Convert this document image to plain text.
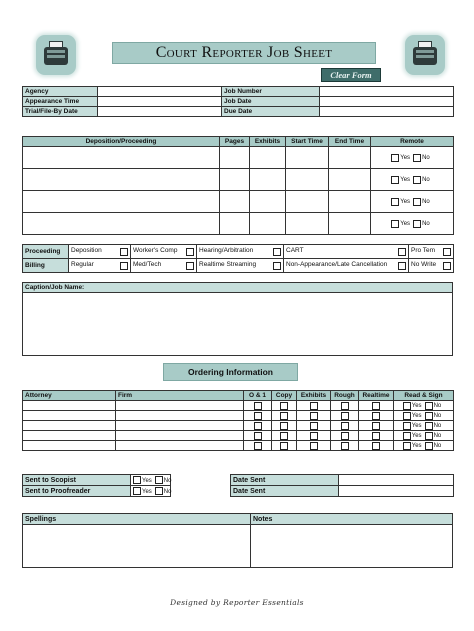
Court Reporter Job Sheet
Clear Form
Agency		Job Number	
Appearance Time		Job Date	
Trial/File-By Date		Due Date	
Deposition/Proceeding	Pages	Exhibits	Start Time	End Time	Remote
					Yes No
					Yes No
					Yes No
					Yes No
Proceeding	Deposition	Worker's Comp	Hearing/Arbitration	CART	Pro Tem

Billing	Regular	Med/Tech	Realtime Streaming	Non-Appearance/Late Cancellation	No Write
Caption/Job Name:
Ordering Information
Attorney	Firm	O & 1	Copy	Exhibits	Rough	Realtime	Read & Sign
							Yes No
							Yes No
							Yes No
							Yes No
							Yes No
Sent to Scopist	Yes No		Date Sent	
Sent to Proofreader	Yes No		Date Sent	
Spellings	Notes
Designed by Reporter Essentials
